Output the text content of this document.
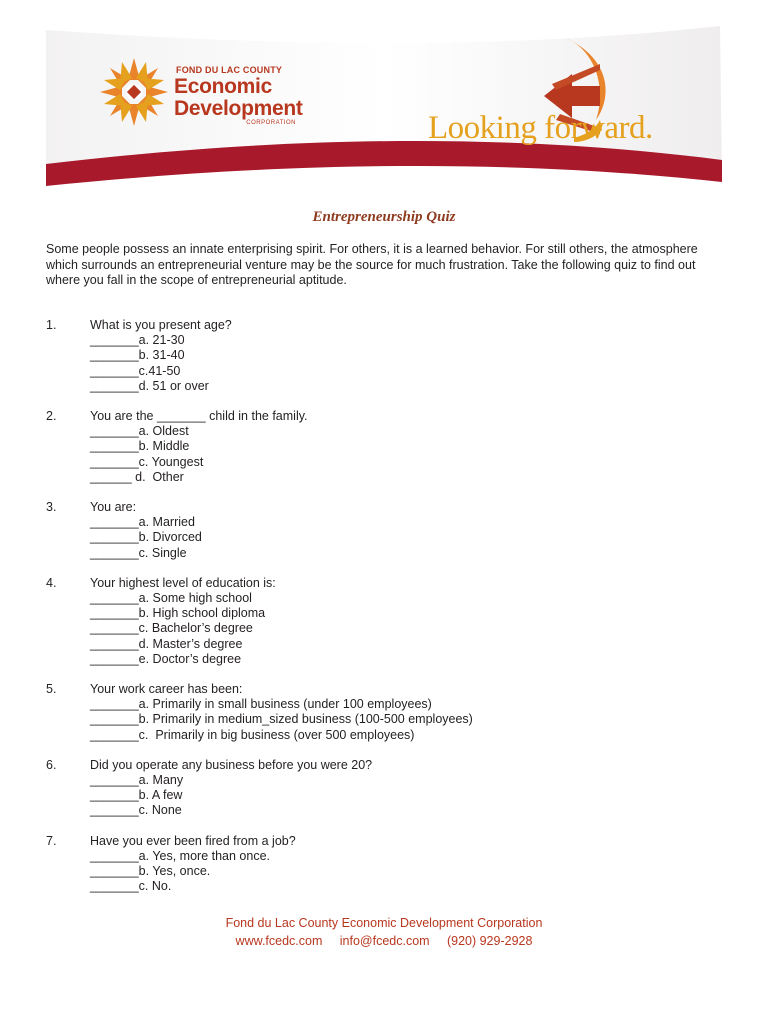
FOND DU LAC COUNTY
Economic
Development
CORPORATION	Looking forward.
Entrepreneurship Quiz

Some people possess an innate enterprising spirit. For others, it is a learned behavior. For still others, the atmosphere which surrounds an entrepreneurial venture may be the source for much frustration. Take the following quiz to find out where you fall in the scope of entrepreneurial aptitude.

1.	What is you present age?
_______a. 21-30
_______b. 31-40
_______c.41-50
_______d. 51 or over
2.	You are the _______ child in the family.
_______a. Oldest
_______b. Middle
_______c. Youngest
______ d.  Other
3.	You are:
_______a. Married
_______b. Divorced
_______c. Single
4.	Your highest level of education is:
_______a. Some high school
_______b. High school diploma
_______c. Bachelor’s degree
_______d. Master’s degree
_______e. Doctor’s degree
5.	Your work career has been:
_______a. Primarily in small business (under 100 employees)
_______b. Primarily in medium_sized business (100-500 employees)
_______c.  Primarily in big business (over 500 employees)
6.	Did you operate any business before you were 20?
_______a. Many
_______b. A few
_______c. None
7.	Have you ever been fired from a job?
_______a. Yes, more than once.
_______b. Yes, once.
_______c. No.
Fond du Lac County Economic Development Corporation
www.fcedc.com info@fcedc.com (920) 929-2928
